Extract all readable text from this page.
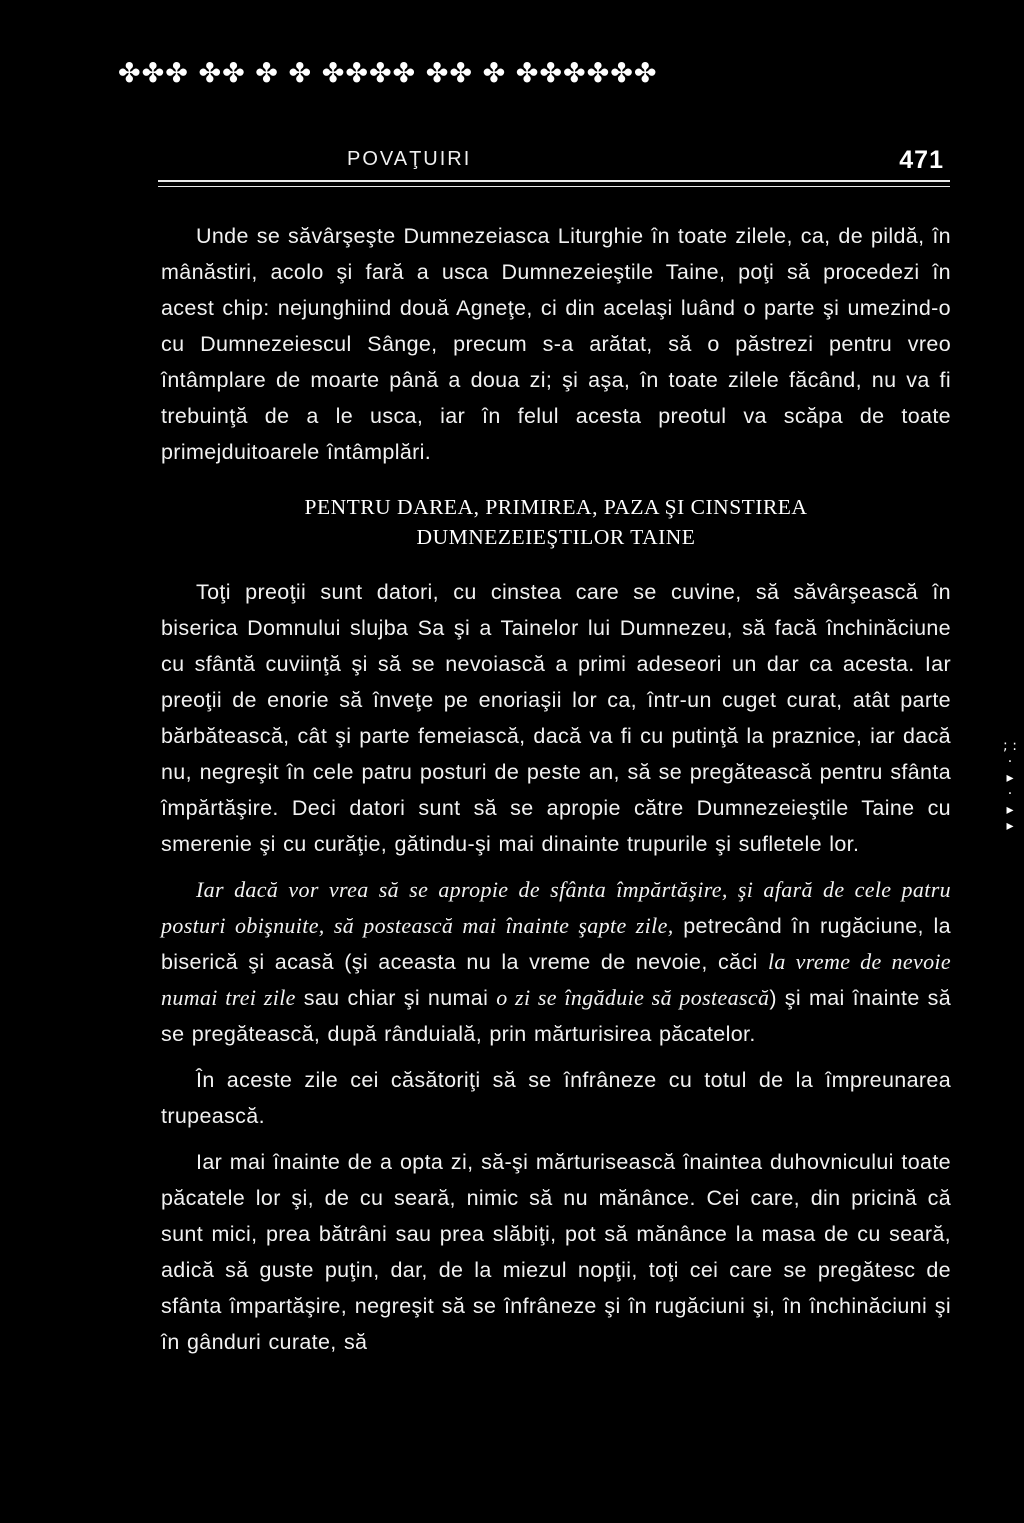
✤✤✤ ✤✤ ✤ ✤ ✤✤✤✤ ✤✤ ✤ ✤✤✤✤✤✤
POVAŢUIRI	471

Unde se săvârşeşte Dumnezeiasca Liturghie în toate zilele, ca, de pildă, în mânăstiri, acolo şi fară a usca Dumnezeieştile Taine, poţi să procedezi în acest chip: nejunghiind două Agneţe, ci din acelaşi luând o parte şi umezind-o cu Dumnezeiescul Sânge, precum s-a arătat, să o păstrezi pentru vreo întâmplare de moarte până a doua zi; şi aşa, în toate zilele făcând, nu va fi trebuinţă de a le usca, iar în felul acesta preotul va scăpa de toate primejduitoarele întâmplări.

PENTRU DAREA, PRIMIREA, PAZA ŞI CINSTIREA
DUMNEZEIEŞTILOR TAINE

Toţi preoţii sunt datori, cu cinstea care se cuvine, să săvârşească în biserica Domnului slujba Sa şi a Tainelor lui Dumnezeu, să facă închinăciune cu sfântă cuviinţă şi să se nevoiască a primi adeseori un dar ca acesta. Iar preoţii de enorie să înveţe pe enoriaşii lor ca, într-un cuget curat, atât parte bărbătească, cât şi parte femeiască, dacă va fi cu putinţă la praznice, iar dacă nu, negreşit în cele patru posturi de peste an, să se pregătească pentru sfânta împărtăşire. Deci datori sunt să se apropie către Dumnezeieştile Taine cu smerenie şi cu curăţie, gătindu-şi mai dinainte trupurile şi sufletele lor.

Iar dacă vor vrea să se apropie de sfânta împărtăşire, şi afară de cele patru posturi obişnuite, să postească mai înainte şapte zile, petrecând în rugăciune, la biserică şi acasă (şi aceasta nu la vreme de nevoie, căci la vreme de nevoie numai trei zile sau chiar şi numai o zi se îngăduie să postească) şi mai înainte să se pregătească, după rânduială, prin mărturisirea păcatelor.

În aceste zile cei căsătoriţi să se înfrâneze cu totul de la împreunarea trupească.

Iar mai înainte de a opta zi, să-şi mărturisească înaintea duhovnicului toate păcatele lor şi, de cu seară, nimic să nu mănânce. Cei care, din pricină că sunt mici, prea bătrâni sau prea slăbiţi, pot să mănânce la masa de cu seară, adică să guste puţin, dar, de la miezul nopţii, toţi cei care se pregătesc de sfânta împartăşire, negreşit să se înfrâneze şi în rugăciuni şi, în închinăciuni şi în gânduri curate, să

; : · ▸ · ▸ ▸
